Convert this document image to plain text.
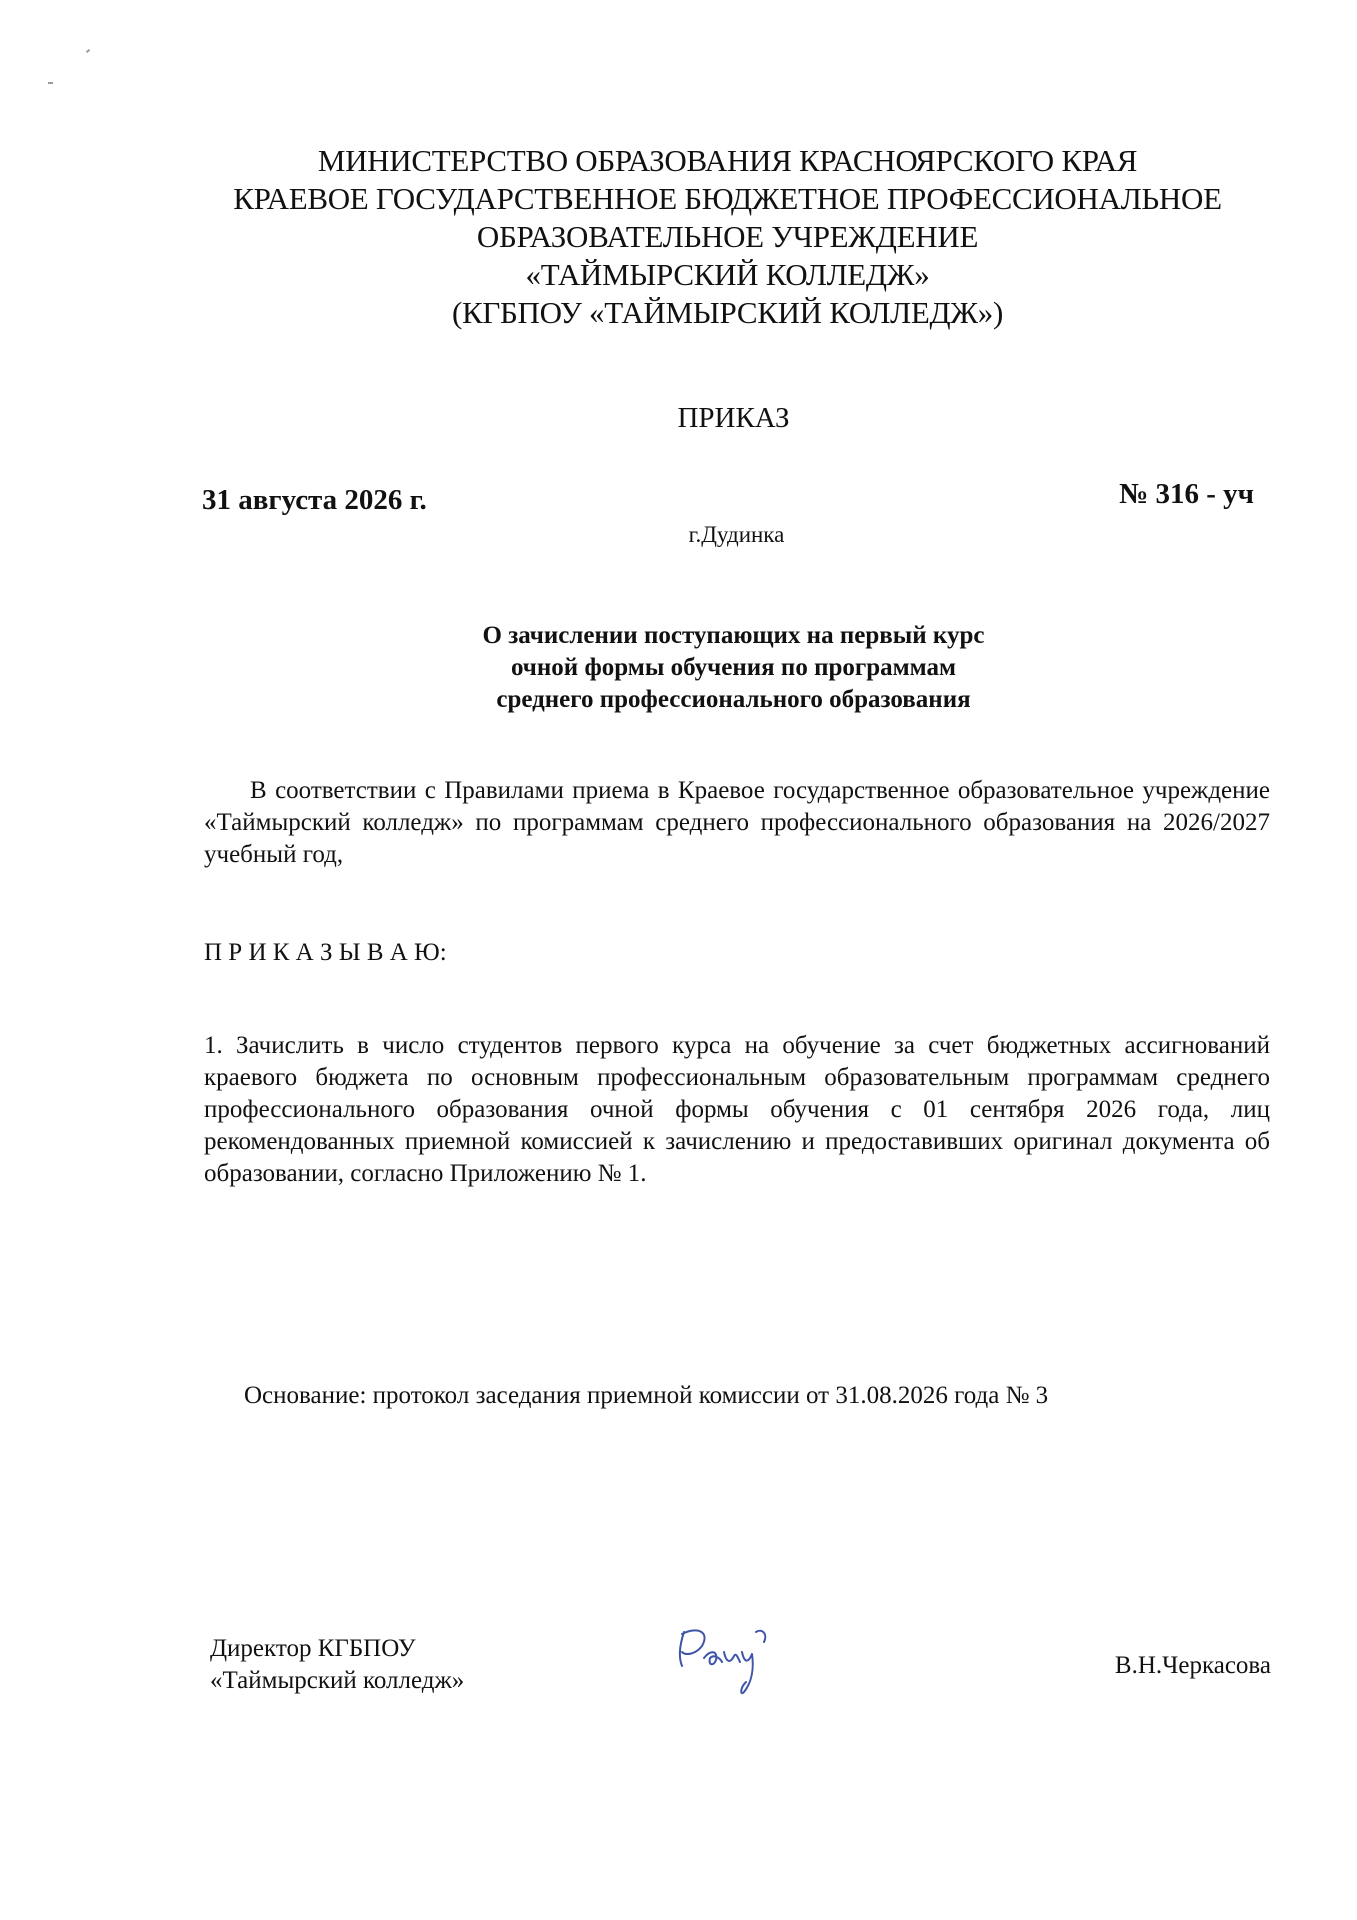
МИНИСТЕРСТВО ОБРАЗОВАНИЯ КРАСНОЯРСКОГО КРАЯ

КРАЕВОЕ ГОСУДАРСТВЕННОЕ БЮДЖЕТНОЕ ПРОФЕССИОНАЛЬНОЕ

ОБРАЗОВАТЕЛЬНОЕ УЧРЕЖДЕНИЕ

«ТАЙМЫРСКИЙ КОЛЛЕДЖ»

(КГБПОУ «ТАЙМЫРСКИЙ КОЛЛЕДЖ»)

ПРИКАЗ
31 августа 2026 г.	№ 316 - уч
г.Дудинка

О зачислении поступающих на первый курс

очной формы обучения по программам

среднего профессионального образования

В соответствии с Правилами приема в Краевое государственное образовательное учреждение «Таймырский колледж» по программам среднего профессионального образования на 2026/2027 учебный год,

П Р И К А З Ы В А Ю:

1. Зачислить в число студентов первого курса на обучение за счет бюджетных ассигнований краевого бюджета по основным профессиональным образовательным программам среднего профессионального образования очной формы обучения с 01 сентября 2026 года, лиц рекомендованных приемной комиссией к зачислению и предоставивших оригинал документа об образовании, согласно Приложению № 1.

Основание: протокол заседания приемной комиссии от 31.08.2026 года № 3
Директор КГБПОУ
«Таймырский колледж»
В.Н.Черкасова
